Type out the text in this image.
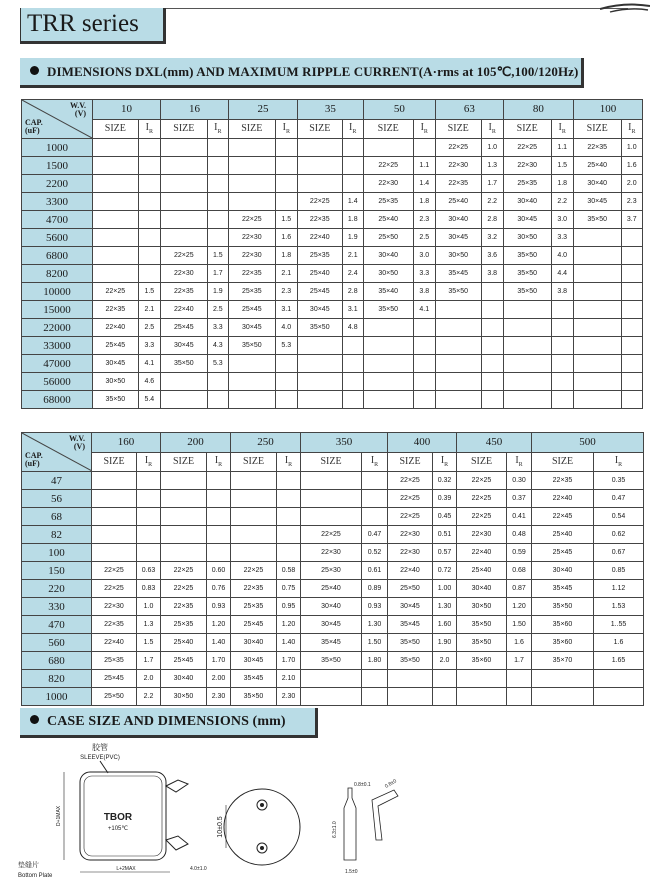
TRR series
DIMENSIONS DXL(mm) AND MAXIMUM RIPPLE CURRENT(A·rms at 105℃,100/120Hz)
W.V.
(V)
CAP.
(uF)	10		16		25		35		50		63		80		100	
	SIZE	$I_R$	SIZE	$I_R$	SIZE	$I_R$	SIZE	$I_R$	SIZE	$I_R$	SIZE	$I_R$	SIZE	$I_R$	SIZE	$I_R$
1000											22×25	1.0	22×25	1.1	22×35	1.0
1500									22×25	1.1	22×30	1.3	22×30	1.5	25×40	1.6
2200									22×30	1.4	22×35	1.7	25×35	1.8	30×40	2.0
3300							22×25	1.4	25×35	1.8	25×40	2.2	30×40	2.2	30×45	2.3
4700					22×25	1.5	22×35	1.8	25×40	2.3	30×40	2.8	30×45	3.0	35×50	3.7
5600					22×30	1.6	22×40	1.9	25×50	2.5	30×45	3.2	30×50	3.3		
6800			22×25	1.5	22×30	1.8	25×35	2.1	30×40	3.0	30×50	3.6	35×50	4.0		
8200			22×30	1.7	22×35	2.1	25×40	2.4	30×50	3.3	35×45	3.8	35×50	4.4		
10000	22×25	1.5	22×35	1.9	25×35	2.3	25×45	2.8	35×40	3.8	35×50		35×50	3.8		
15000	22×35	2.1	22×40	2.5	25×45	3.1	30×45	3.1	35×50	4.1						
22000	22×40	2.5	25×45	3.3	30×45	4.0	35×50	4.8								
33000	25×45	3.3	30×45	4.3	35×50	5.3										
47000	30×45	4.1	35×50	5.3												
56000	30×50	4.6														
68000	35×50	5.4														
W.V.
(V)
CAP.
(uF)	160		200		250		350		400		450		500	
	SIZE	$I_R$	SIZE	$I_R$	SIZE	$I_R$	SIZE	$I_R$	SIZE	$I_R$	SIZE	$I_R$	SIZE	$I_R$
47									22×25	0.32	22×25	0.30	22×35	0.35
56									22×25	0.39	22×25	0.37	22×40	0.47
68									22×25	0.45	22×25	0.41	22×45	0.54
82							22×25	0.47	22×30	0.51	22×30	0.48	25×40	0.62
100							22×30	0.52	22×30	0.57	22×40	0.59	25×45	0.67
150	22×25	0.63	22×25	0.60	22×25	0.58	25×30	0.61	22×40	0.72	25×40	0.68	30×40	0.85
220	22×25	0.83	22×25	0.76	22×35	0.75	25×40	0.89	25×50	1.00	30×40	0.87	35×45	1.12
330	22×30	1.0	22×35	0.93	25×35	0.95	30×40	0.93	30×45	1.30	30×50	1.20	35×50	1.53
470	22×35	1.3	25×35	1.20	25×45	1.20	30×45	1.30	35×45	1.60	35×50	1.50	35×60	1..55
560	22×40	1.5	25×40	1.40	30×40	1.40	35×45	1.50	35×50	1.90	35×50	1.6	35×60	1.6
680	25×35	1.7	25×45	1.70	30×45	1.70	35×50	1.80	35×50	2.0	35×60	1.7	35×70	1.65
820	25×45	2.0	30×40	2.00	35×45	2.10								
1000	25×50	2.2	30×50	2.30	35×50	2.30								
CASE SIZE AND DIMENSIONS (mm)
胶管
SLEEVE(PVC)
TBOR
+105℃
D+1MAX
L+2MAX	4.0±1.0
垫缝片
Bottom Plate
10±0.5
0.8±0.1
6.3±1.0
1.5±0
0.8±0
